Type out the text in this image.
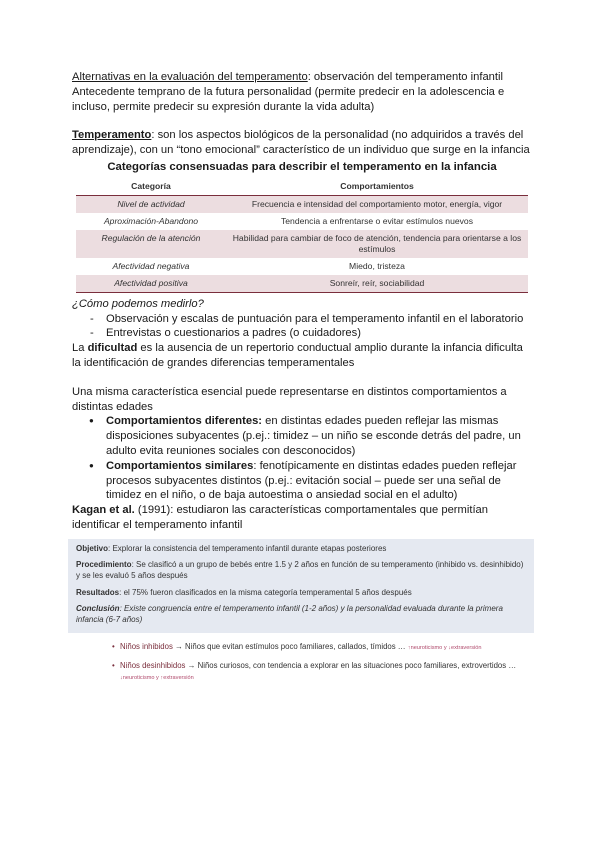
Alternativas en la evaluación del temperamento: observación del temperamento infantil

Antecedente temprano de la futura personalidad (permite predecir en la adolescencia e incluso, permite predecir su expresión durante la vida adulta)

Temperamento: son los aspectos biológicos de la personalidad (no adquiridos a través del aprendizaje), con un “tono emocional” característico de un individuo que surge en la infancia

Categorías consensuadas para describir el temperamento en la infancia
Categoría	Comportamientos
Nivel de actividad	Frecuencia e intensidad del comportamiento motor, energía, vigor
Aproximación-Abandono	Tendencia a enfrentarse o evitar estímulos nuevos
Regulación de la atención	Habilidad para cambiar de foco de atención, tendencia para orientarse a los estímulos
Afectividad negativa	Miedo, tristeza
Afectividad positiva	Sonreír, reír, sociabilidad

¿Cómo podemos medirlo?

- Observación y escalas de puntuación para el temperamento infantil en el laboratorio

- Entrevistas o cuestionarios a padres (o cuidadores)

La dificultad es la ausencia de un repertorio conductual amplio durante la infancia dificulta la identificación de grandes diferencias temperamentales

Una misma característica esencial puede representarse en distintos comportamientos a distintas edades

● Comportamientos diferentes: en distintas edades pueden reflejar las mismas disposiciones subyacentes (p.ej.: timidez – un niño se esconde detrás del padre, un adulto evita reuniones sociales con desconocidos)

● Comportamientos similares: fenotípicamente en distintas edades pueden reflejar procesos subyacentes distintos (p.ej.: evitación social – puede ser una señal de timidez en el niño, o de baja autoestima o ansiedad social en el adulto)

Kagan et al. (1991): estudiaron las características comportamentales que permitían identificar el temperamento infantil

Objetivo: Explorar la consistencia del temperamento infantil durante etapas posteriores

Procedimiento: Se clasificó a un grupo de bebés entre 1.5 y 2 años en función de su temperamento (inhibido vs. desinhibido) y se les evaluó 5 años después

Resultados: el 75% fueron clasificados en la misma categoría temperamental 5 años después

Conclusión: Existe congruencia entre el temperamento infantil (1-2 años) y la personalidad evaluada durante la primera infancia (6-7 años)

• Niños inhibidos → Niños que evitan estímulos poco familiares, callados, tímidos … ↑neuroticismo y ↓extraversión
• Niños desinhibidos → Niños curiosos, con tendencia a explorar en las situaciones poco familiares, extrovertidos … ↓neuroticismo y ↑extraversión
